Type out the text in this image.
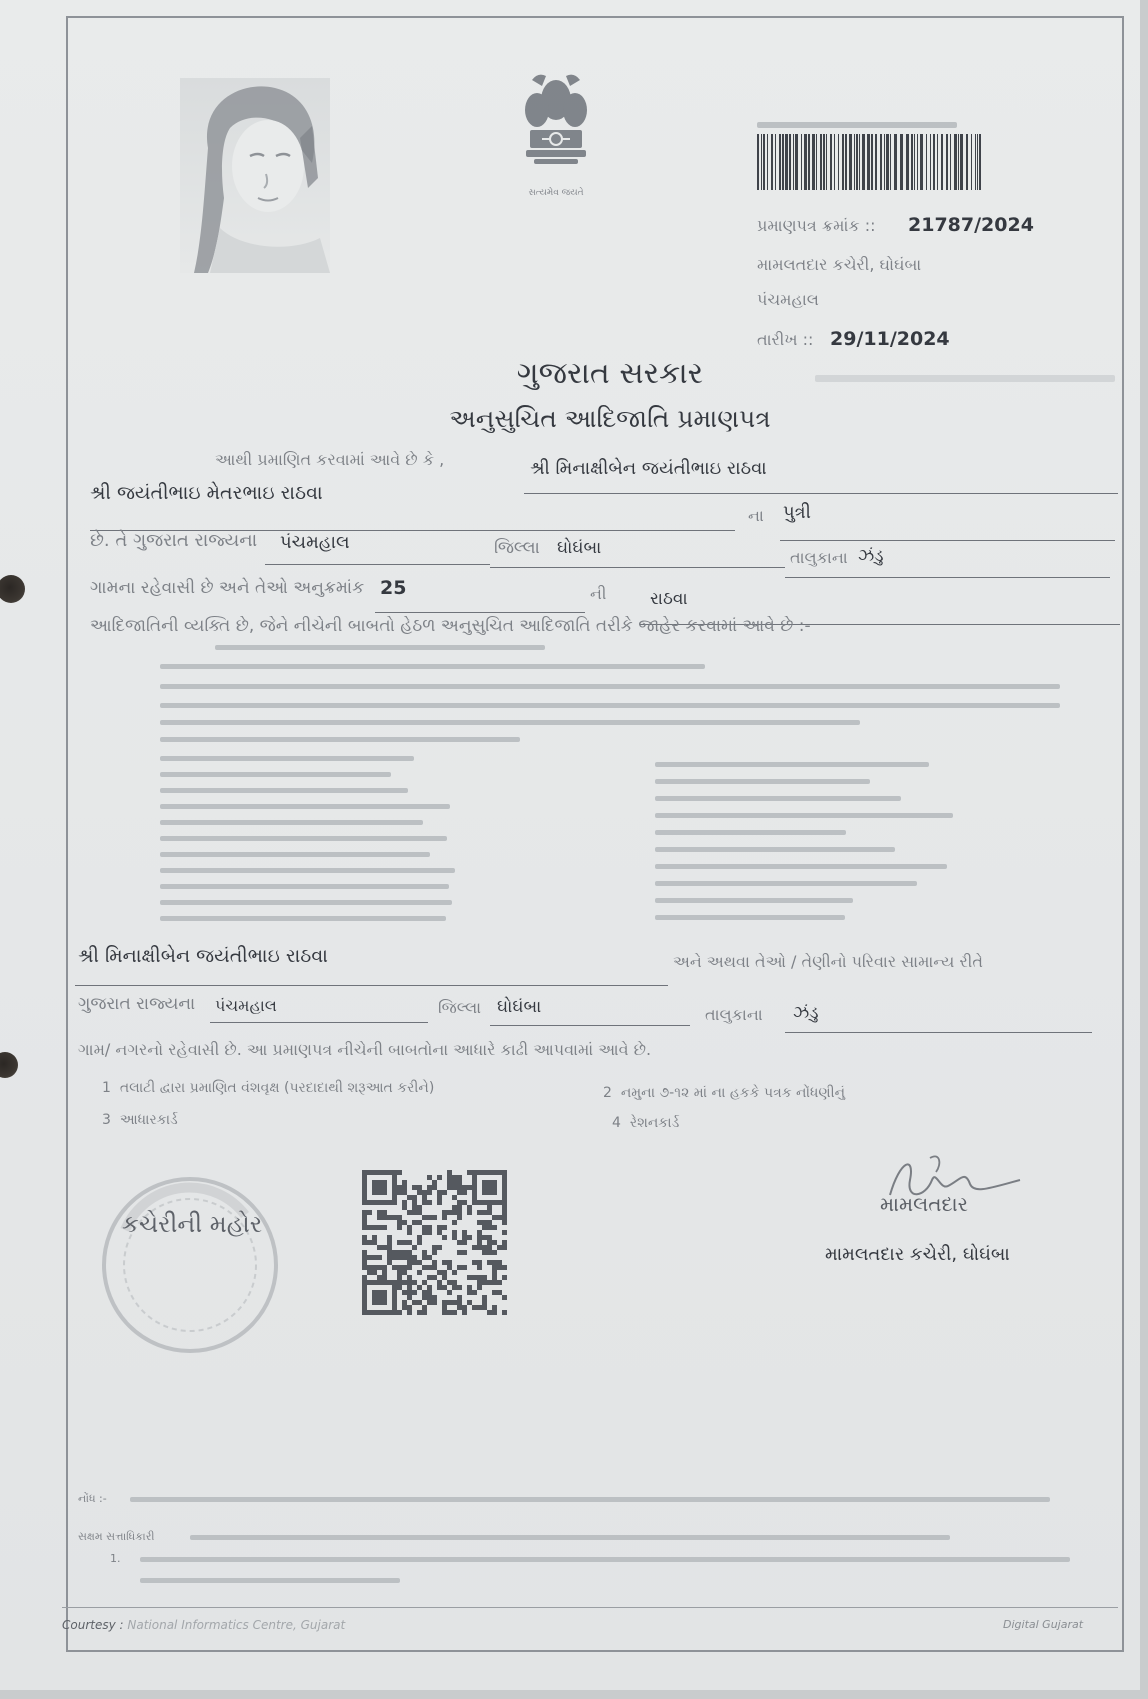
સત્યમેવ જયતે
પ્રમાણપત્ર ક્રમાંક :: 21787/2024
મામલતદાર કચેરી, ઘોઘંબા
પંચમહાલ
તારીખ :: 29/11/2024
ગુજરાત સરકાર
અનુસુચિત આદિજાતિ પ્રમાણપત્ર
આથી પ્રમાણિત કરવામાં આવે છે કે ,	શ્રી મિનાક્ષીબેન જયંતીભાઇ રાઠવા
શ્રી જયંતીભાઇ મેતરભાઇ રાઠવા
ના પુત્રી
છે. તે ગુજરાત રાજ્યના પંચમહાલ	જિલ્લા ઘોઘંબા	તાલુકાના ઝંડુ
ગામના રહેવાસી છે અને તેઓ અનુક્રમાંક 25	ની	રાઠવા
આદિજાતિની વ્યક્તિ છે, જેને નીચેની બાબતો હેઠળ અનુસુચિત આદિજાતિ તરીકે જાહેર કરવામાં આવે છે :-
શ્રી મિનાક્ષીબેન જયંતીભાઇ રાઠવા	અને અથવા તેઓ / તેણીનો પરિવાર સામાન્ય રીતે
ગુજરાત રાજ્યના પંચમહાલ	જિલ્લા ઘોઘંબા	તાલુકાના ઝંડુ
ગામ/ નગરનો રહેવાસી છે. આ પ્રમાણપત્ર નીચેની બાબતોના આધારે કાઢી આપવામાં આવે છે.
1 તલાટી દ્વારા પ્રમાણિત વંશવૃક્ષ (પરદાદાથી શરૂઆત કરીને)	2 નમુના ૭-૧૨ માં ના હકકે પત્રક નોંધણીનું
3 આધારકાર્ડ	4 રેશનકાર્ડ
કચેરીની મહોર
મામલતદાર
મામલતદાર કચેરી, ઘોઘંબા
નોંધ :-
સક્ષમ સત્તાધિકારી
1.
Courtesy : National Informatics Centre, Gujarat	Digital Gujarat
